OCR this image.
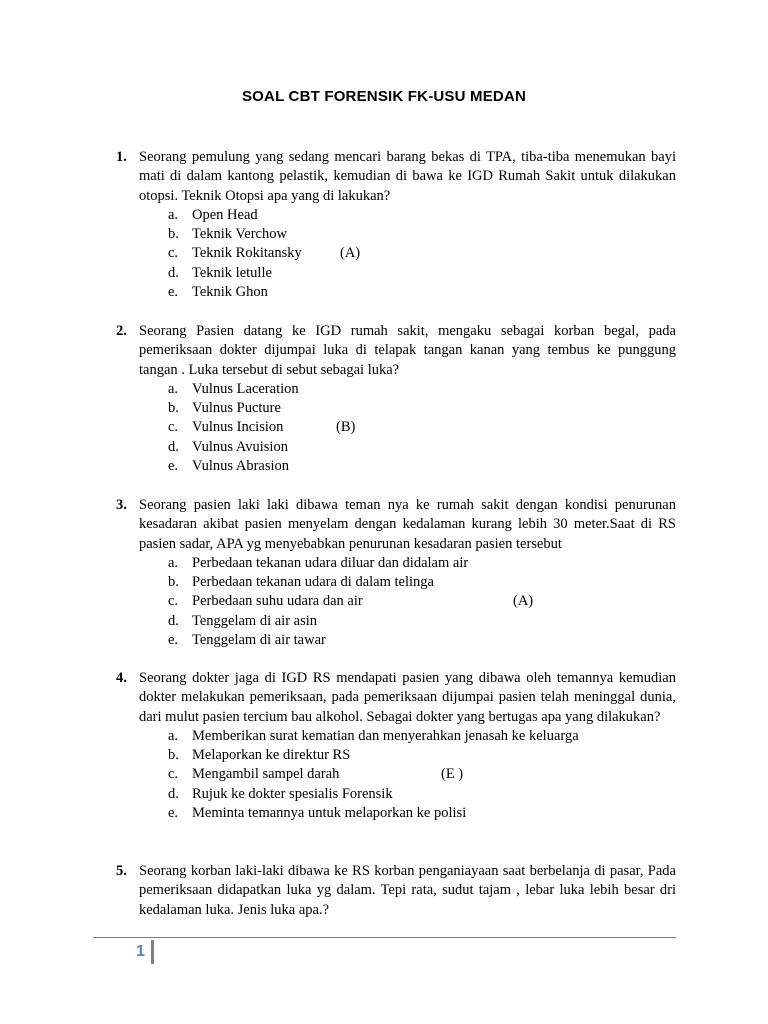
SOAL CBT FORENSIK FK-USU MEDAN
1. Seorang pemulung yang sedang mencari barang bekas di TPA, tiba-tiba menemukan bayi mati di dalam kantong pelastik, kemudian di bawa ke IGD Rumah Sakit untuk dilakukan otopsi. Teknik Otopsi apa yang di lakukan?
a. Open Head
b. Teknik Verchow
c. Teknik Rokitansky	(A)
d. Teknik letulle
e. Teknik Ghon
2. Seorang Pasien datang ke IGD rumah sakit, mengaku sebagai korban begal, pada pemeriksaan dokter dijumpai luka di telapak tangan kanan yang tembus ke punggung tangan . Luka tersebut di sebut sebagai luka?
a. Vulnus Laceration
b. Vulnus Pucture
c. Vulnus Incision	(B)
d. Vulnus Avuision
e. Vulnus Abrasion
3. Seorang pasien laki laki dibawa teman nya ke rumah sakit dengan kondisi penurunan kesadaran akibat pasien menyelam dengan kedalaman kurang lebih 30 meter.Saat di RS pasien sadar, APA yg menyebabkan penurunan kesadaran pasien tersebut
a. Perbedaan tekanan udara diluar dan didalam air
b. Perbedaan tekanan udara di dalam telinga
c. Perbedaan suhu udara dan air	(A)
d. Tenggelam di air asin
e. Tenggelam di air tawar
4. Seorang dokter jaga di IGD RS mendapati pasien yang dibawa oleh temannya kemudian dokter melakukan pemeriksaan, pada pemeriksaan dijumpai pasien telah meninggal dunia, dari mulut pasien tercium bau alkohol. Sebagai dokter yang bertugas apa yang dilakukan?
a. Memberikan surat kematian dan menyerahkan jenasah ke keluarga
b. Melaporkan ke direktur RS
c. Mengambil sampel darah	(E )
d. Rujuk ke dokter spesialis Forensik
e. Meminta temannya untuk melaporkan ke polisi
5. Seorang korban laki-laki dibawa ke RS korban penganiayaan saat berbelanja di pasar, Pada pemeriksaan didapatkan luka yg dalam. Tepi rata, sudut tajam , lebar luka lebih besar dri kedalaman luka. Jenis luka apa.?
1
